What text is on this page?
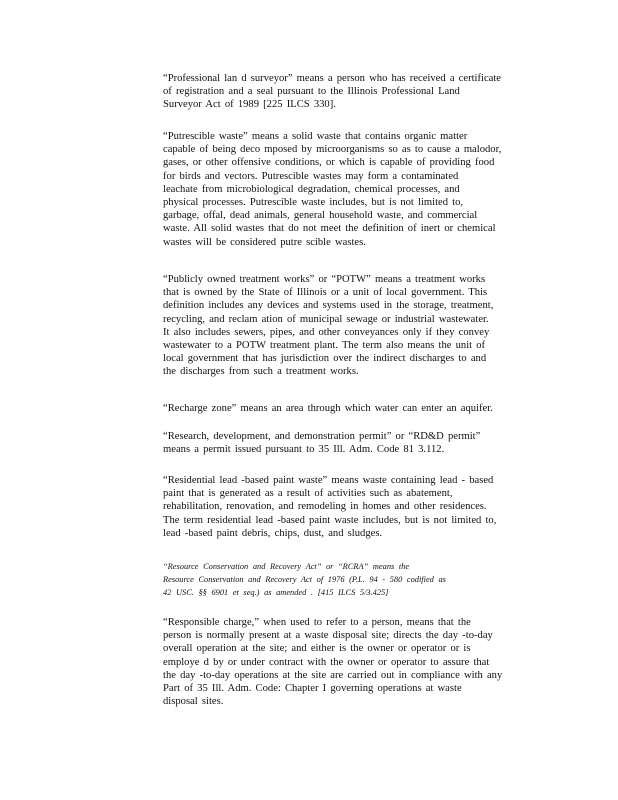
“Professional lan d surveyor” means a person who has received a certificate
of registration and a seal pursuant to the Illinois Professional Land
Surveyor Act of 1989 [225 ILCS 330].
“Putrescible waste” means a solid waste that contains organic matter
capable of being deco mposed by microorganisms so as to cause a malodor,
gases, or other offensive conditions, or which is capable of providing food
for birds and vectors. Putrescible wastes may form a contaminated
leachate from microbiological degradation, chemical processes, and
physical processes. Putrescible waste includes, but is not limited to,
garbage, offal, dead animals, general household waste, and commercial
waste. All solid wastes that do not meet the definition of inert or chemical
wastes will be considered putre scible wastes.
“Publicly owned treatment works” or “POTW” means a treatment works
that is owned by the State of Illinois or a unit of local government. This
definition includes any devices and systems used in the storage, treatment,
recycling, and reclam ation of municipal sewage or industrial wastewater.
It also includes sewers, pipes, and other conveyances only if they convey
wastewater to a POTW treatment plant. The term also means the unit of
local government that has jurisdiction over the indirect discharges to and
the discharges from such a treatment works.
“Recharge zone” means an area through which water can enter an aquifer.
“Research, development, and demonstration permit” or “RD&D permit”
means a permit issued pursuant to 35 Ill. Adm. Code 81 3.112.
“Residential lead -based paint waste” means waste containing lead - based
paint that is generated as a result of activities such as abatement,
rehabilitation, renovation, and remodeling in homes and other residences.
The term residential lead -based paint waste includes, but is not limited to,
lead -based paint debris, chips, dust, and sludges.
“Resource Conservation and Recovery Act” or “RCRA” means the
Resource Conservation and Recovery Act of 1976 (P.L. 94 - 580 codified as
42 USC. §§ 6901 et seq.) as amended . [415 ILCS 5/3.425]
“Responsible charge,” when used to refer to a person, means that the
person is normally present at a waste disposal site; directs the day -to-day
overall operation at the site; and either is the owner or operator or is
employe d by or under contract with the owner or operator to assure that
the day -to-day operations at the site are carried out in compliance with any
Part of 35 Ill. Adm. Code: Chapter I governing operations at waste
disposal sites.
